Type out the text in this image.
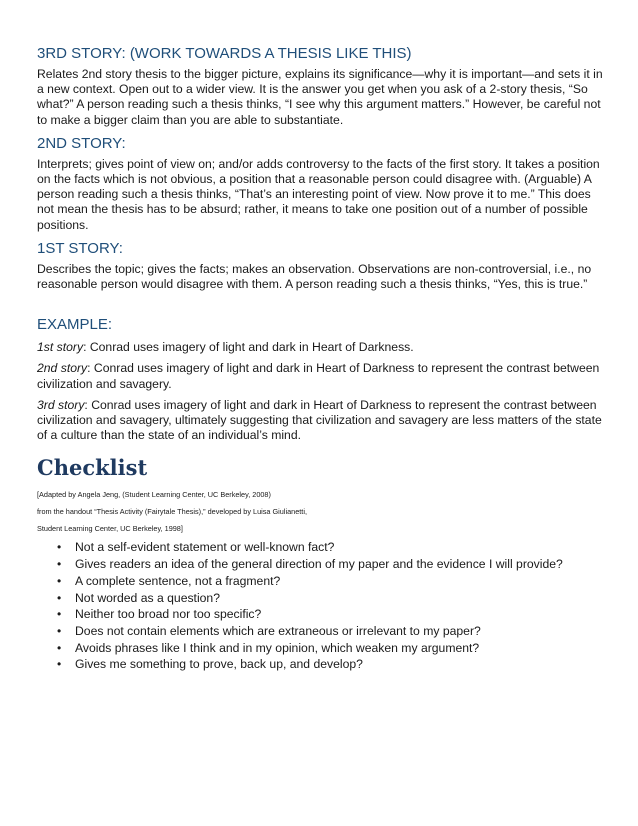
3RD STORY: (WORK TOWARDS A THESIS LIKE THIS)

Relates 2nd story thesis to the bigger picture, explains its significance—why it is important—and sets it in a new context. Open out to a wider view. It is the answer you get when you ask of a 2-story thesis, “So what?” A person reading such a thesis thinks, “I see why this argument matters.” However, be careful not to make a bigger claim than you are able to substantiate.

2ND STORY:

Interprets; gives point of view on; and/or adds controversy to the facts of the first story. It takes a position on the facts which is not obvious, a position that a reasonable person could disagree with. (Arguable) A person reading such a thesis thinks, “That’s an interesting point of view. Now prove it to me.” This does not mean the thesis has to be absurd; rather, it means to take one position out of a number of possible positions.

1ST STORY:

Describes the topic; gives the facts; makes an observation. Observations are non-controversial, i.e., no reasonable person would disagree with them. A person reading such a thesis thinks, “Yes, this is true.”

EXAMPLE:

1st story: Conrad uses imagery of light and dark in Heart of Darkness.

2nd story: Conrad uses imagery of light and dark in Heart of Darkness to represent the contrast between civilization and savagery.

3rd story: Conrad uses imagery of light and dark in Heart of Darkness to represent the contrast between civilization and savagery, ultimately suggesting that civilization and savagery are less matters of the state of a culture than the state of an individual’s mind.

Checklist

[Adapted by Angela Jeng, (Student Learning Center, UC Berkeley, 2008)

from the handout “Thesis Activity (Fairytale Thesis),” developed by Luisa Giulianetti,

Student Learning Center, UC Berkeley, 1998]

• Not a self-evident statement or well-known fact?
• Gives readers an idea of the general direction of my paper and the evidence I will provide?
• A complete sentence, not a fragment?
• Not worded as a question?
• Neither too broad nor too specific?
• Does not contain elements which are extraneous or irrelevant to my paper?
• Avoids phrases like I think and in my opinion, which weaken my argument?
• Gives me something to prove, back up, and develop?
